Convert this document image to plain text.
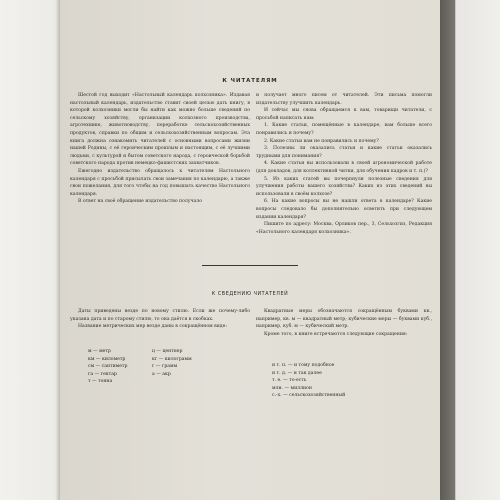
К ЧИТАТЕЛЯМ

Шестой год выходит «Настольный календарь колхозника». Издавая настольный календарь, издательство ставит своей целью дать книгу, в которой колхозники могли бы найти как можно больше сведений по сельскому хозяйству, организации колхозного производства, агротехнике, животноводству, переработке сельскохозяйственных продуктов, справки по общим и сельскохозяйственным вопросам. Эта книга должна ознакомить читателей с основными вопросами жизни нашей Родины, с её героическим прошлым и настоящим, с её лучшими людьми, с культурой и бытом советского народа, с героической борьбой советского народа против немецко-фашистских захватчиков.

Ежегодно издательство обращалось к читателям Настольного календаря с просьбой присылать свои замечания по календарю, а также свои пожелания, для того чтобы на год повышать качество Настольного календаря.

В ответ на своё обращение издательство получало

и получает много писем от читателей. Эти письма помогли издательству улучшить календарь.

И сейчас мы снова обращаемся к вам, товарищи читатели, с просьбой написать нам:

1. Какие статьи, помещённые в календаре, вам больше всего понравились и почему?

2. Какие статьи вам не понравились и почему?

3. Полезны ли оказались статьи и какие статьи оказались трудными для понимания?

4. Какие статьи вы использовали в своей агрономической работе (для докладов, для коллективной читки, для обучения кадров и т. п.)?

5. Из каких статей вы почерпнули полезные сведения для улучшения работы вашего хозяйства? Каких из этих сведений вы использовали в своём колхозе?

6. На какие вопросы вы не нашли ответа в календаре? Какие вопросы следовало бы дополнительно осветить при следующем издании календаря?

Пишите по адресу: Москва, Орликов пер., 3, Сельхозгиз, Редакция «Настольного календаря колхозника».

К СВЕДЕНИЮ ЧИТАТЕЛЕЙ

Даты приведены везде по новому стилю. Если же почему-либо указана дата и по старому стилю, то она даётся в скобках.

Название метрических мер везде даны в сокращённом виде:

м — метр	ц — центнер
км — километр	кг — килограмм
см — сантиметр	г — грамм
га — гектар	а — акр
т — тонна

Квадратные меры обозначаются сокращённым буквами кв., например, кв. м — квадратный метр; кубические меры — буквами куб., например, куб. м — кубический метр.

Кроме того, в книге встречаются следующие сокращения:

и т. п. — и тому подобное
и т. д. — и так далее
т. е. — то-есть
млн. — миллион
с.-х. — сельскохозяйственный
